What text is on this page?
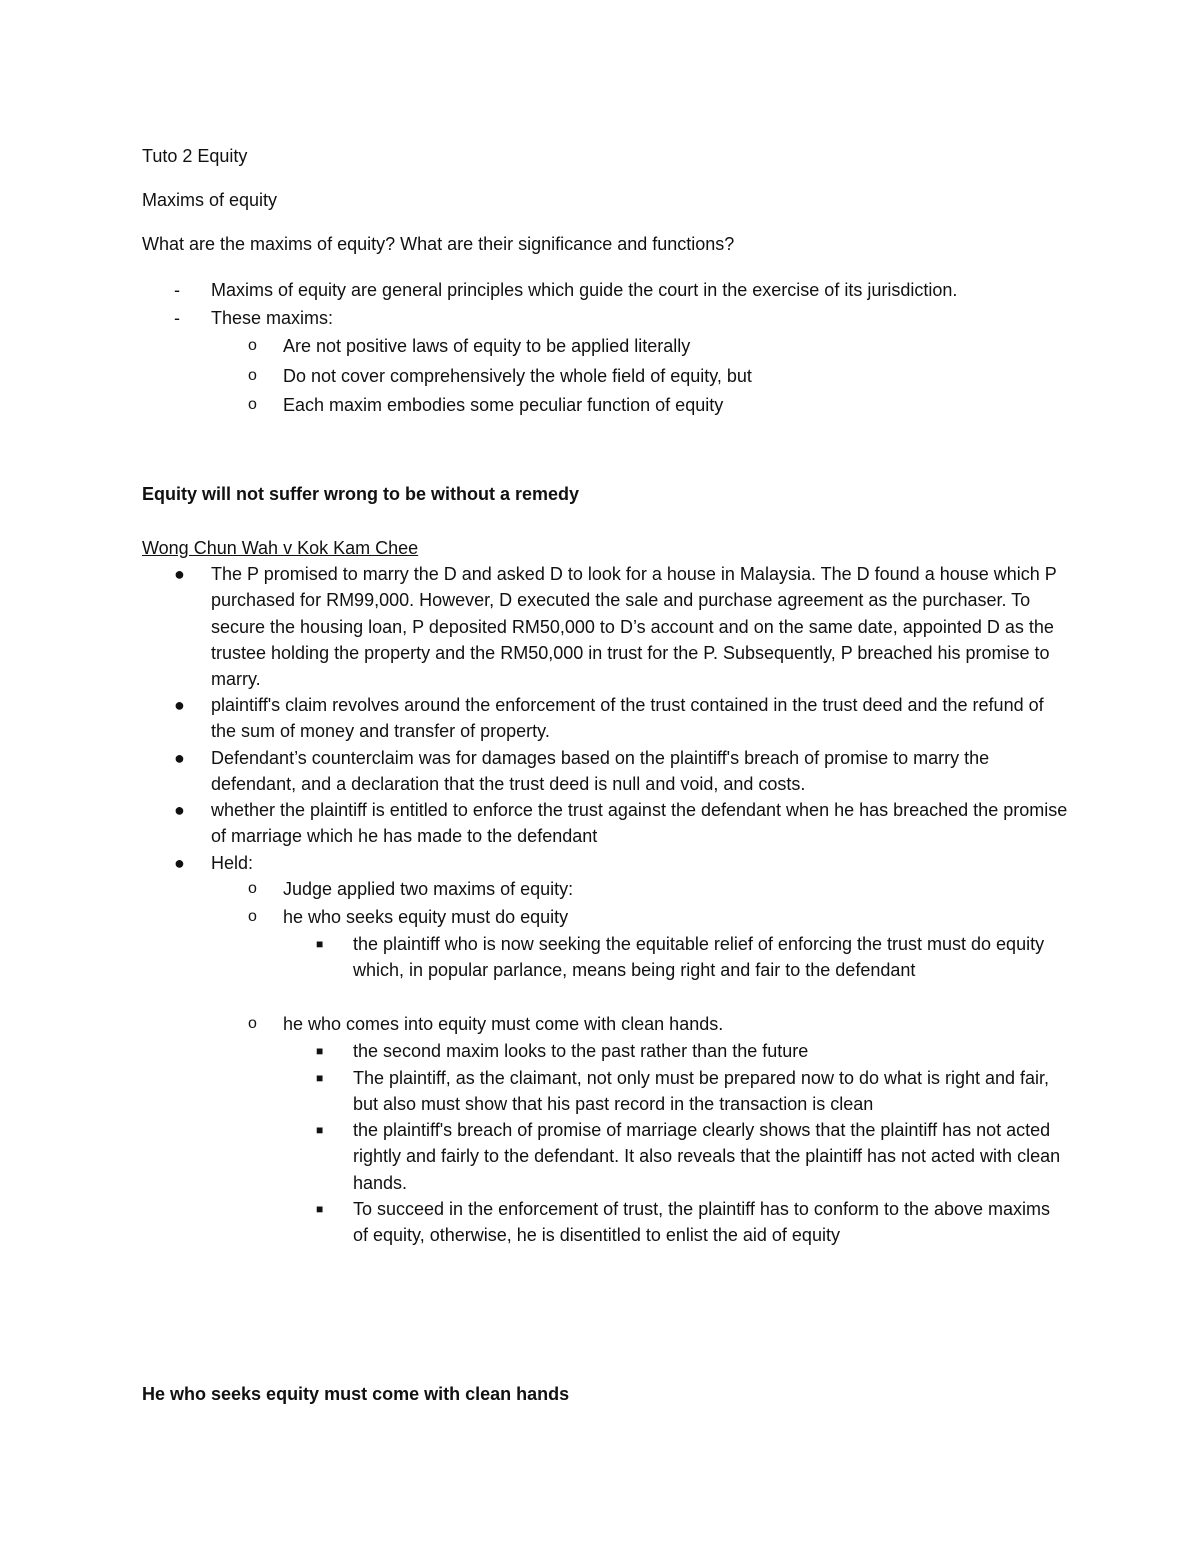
Tuto 2 Equity
Maxims of equity
What are the maxims of equity? What are their significance and functions?
- Maxims of equity are general principles which guide the court in the exercise of its jurisdiction.
- These maxims:
o Are not positive laws of equity to be applied literally
o Do not cover comprehensively the whole field of equity, but
o Each maxim embodies some peculiar function of equity
Equity will not suffer wrong to be without a remedy
Wong Chun Wah v Kok Kam Chee
● The P promised to marry the D and asked D to look for a house in Malaysia. The D found a house which P purchased for RM99,000. However, D executed the sale and purchase agreement as the purchaser. To secure the housing loan, P deposited RM50,000 to D’s account and on the same date, appointed D as the trustee holding the property and the RM50,000 in trust for the P. Subsequently, P breached his promise to marry.
● plaintiff's claim revolves around the enforcement of the trust contained in the trust deed and the refund of the sum of money and transfer of property.
● Defendant’s counterclaim was for damages based on the plaintiff's breach of promise to marry the defendant, and a declaration that the trust deed is null and void, and costs.
● whether the plaintiff is entitled to enforce the trust against the defendant when he has breached the promise of marriage which he has made to the defendant
● Held:
o Judge applied two maxims of equity:
o he who seeks equity must do equity
■ the plaintiff who is now seeking the equitable relief of enforcing the trust must do equity which, in popular parlance, means being right and fair to the defendant
o he who comes into equity must come with clean hands.
■ the second maxim looks to the past rather than the future
■ The plaintiff, as the claimant, not only must be prepared now to do what is right and fair, but also must show that his past record in the transaction is clean
■ the plaintiff's breach of promise of marriage clearly shows that the plaintiff has not acted rightly and fairly to the defendant. It also reveals that the plaintiff has not acted with clean hands.
■ To succeed in the enforcement of trust, the plaintiff has to conform to the above maxims of equity, otherwise, he is disentitled to enlist the aid of equity
He who seeks equity must come with clean hands
